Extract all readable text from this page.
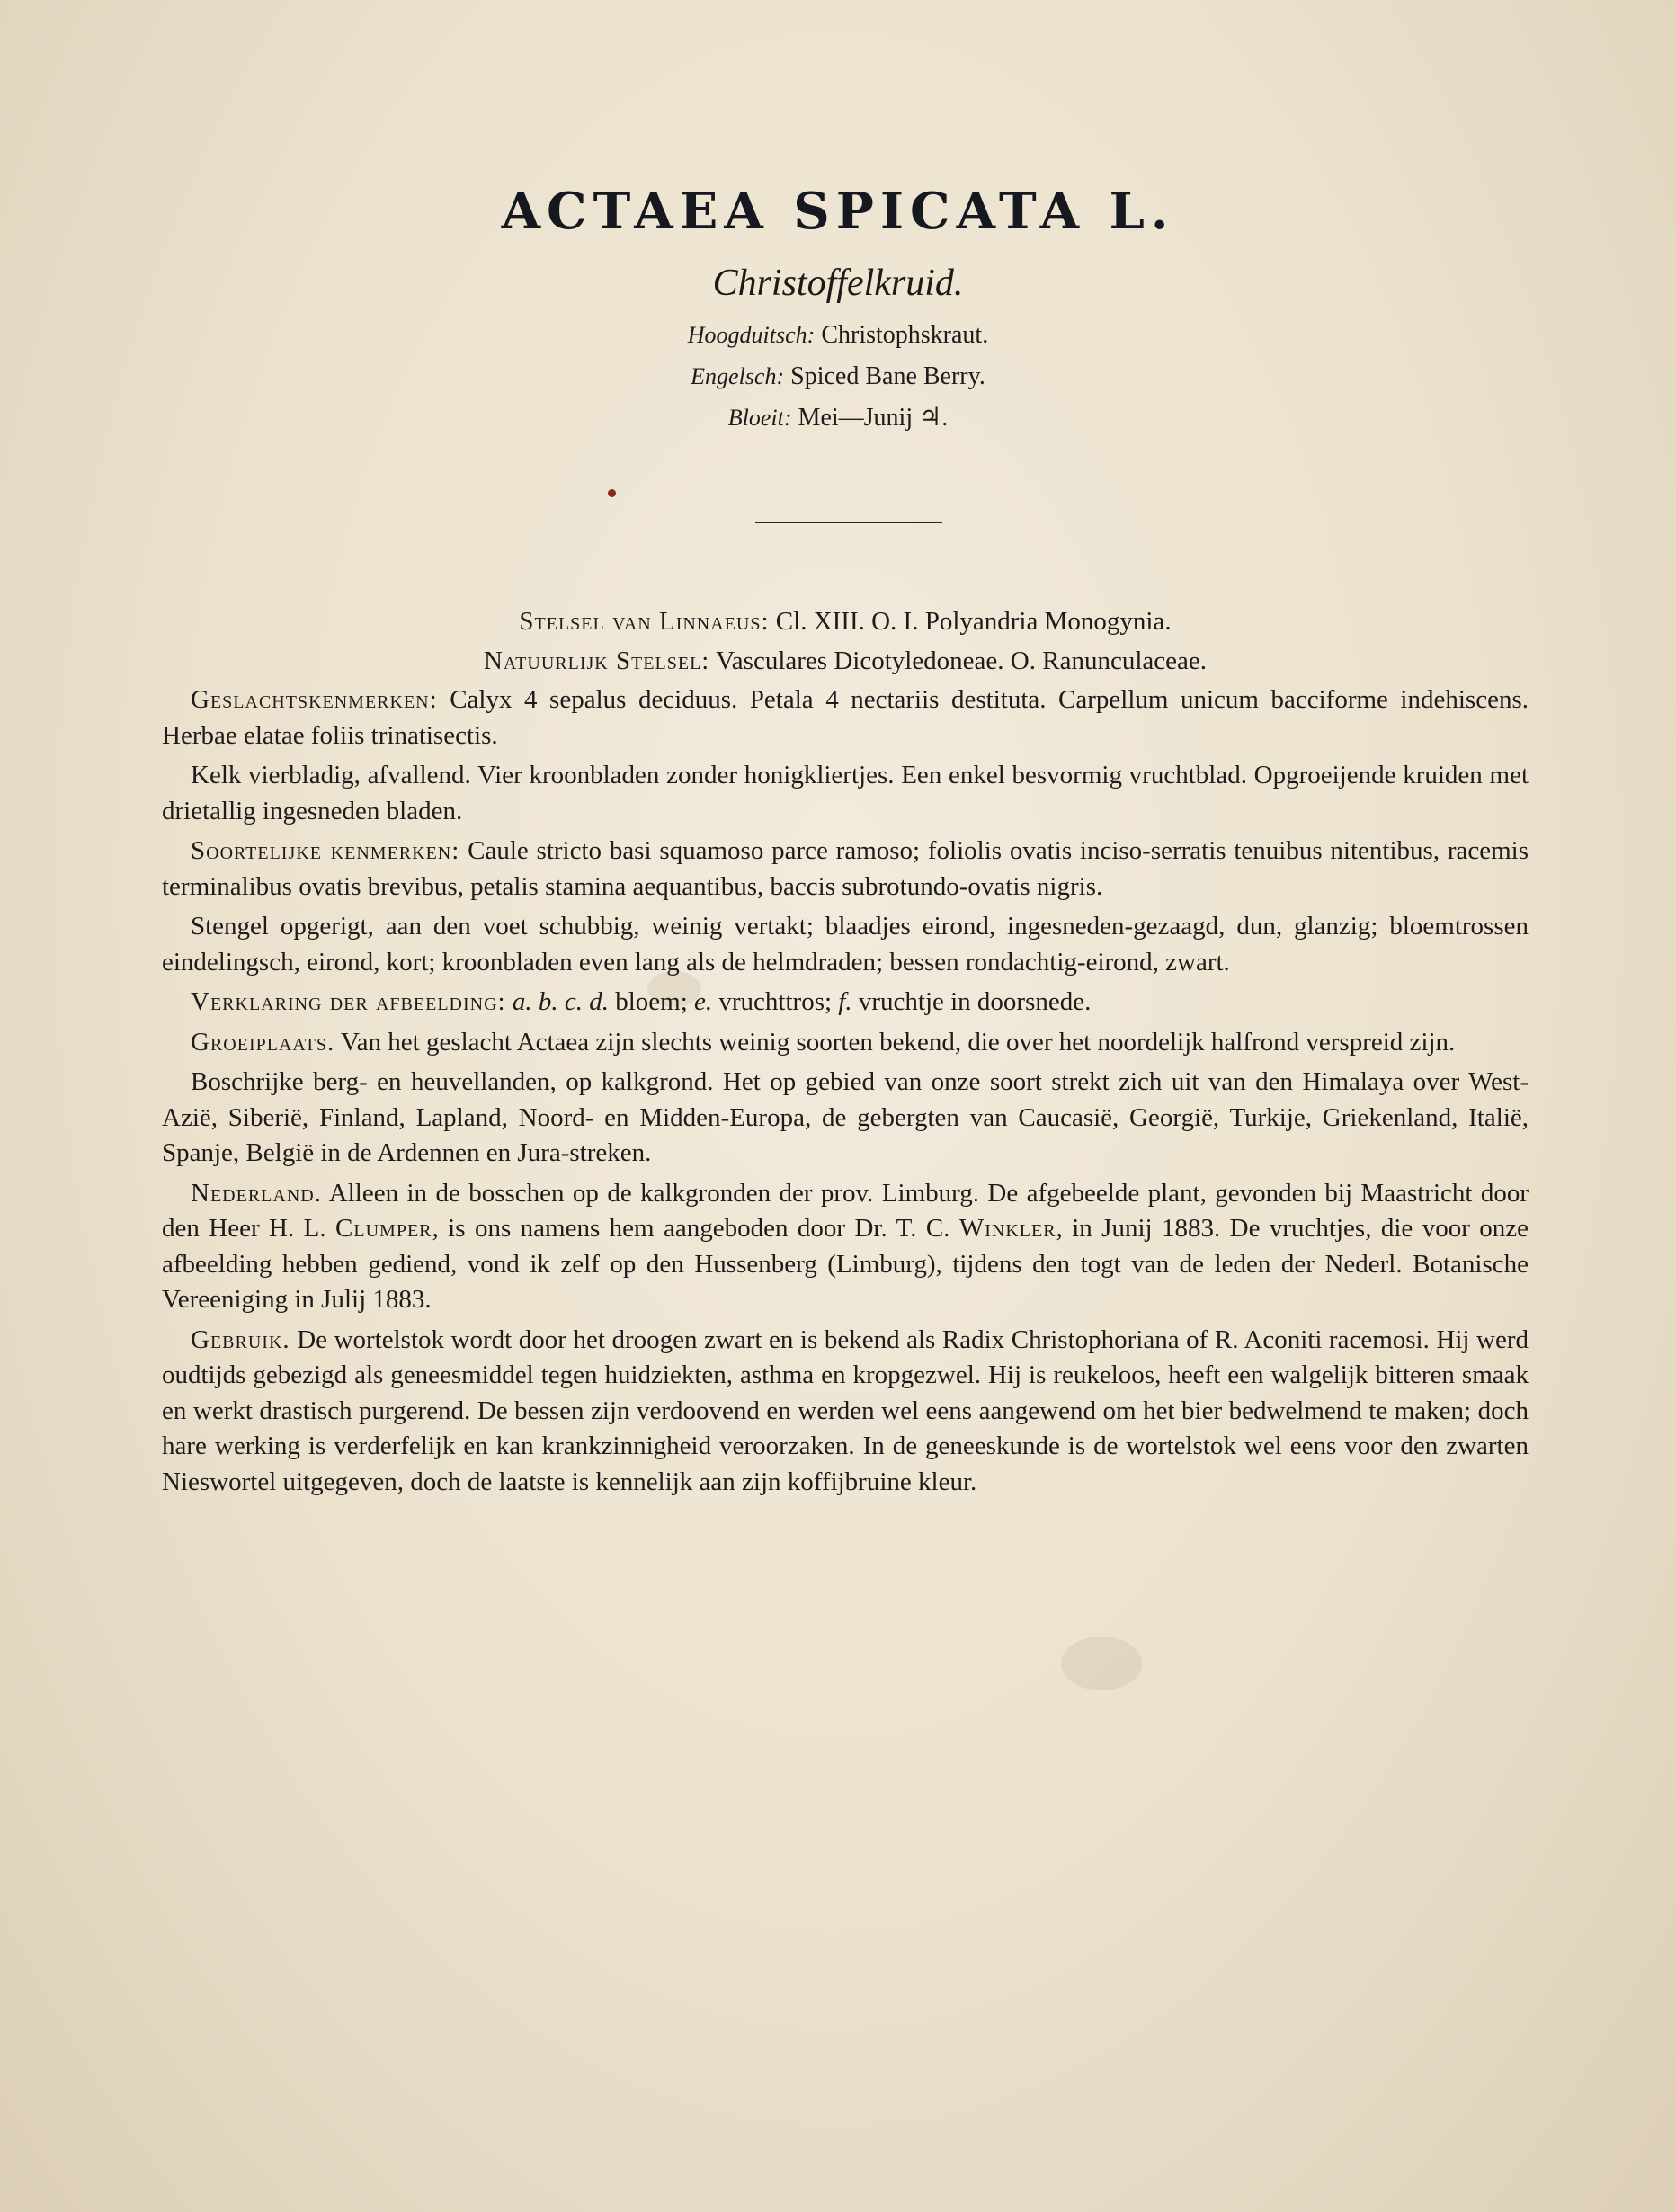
ACTAEA SPICATA L.
Christoffelkruid.
Hoogduitsch: Christophskraut.
Engelsch: Spiced Bane Berry.
Bloeit: Mei—Junij ♃.
Stelsel van Linnaeus: Cl. XIII. O. I. Polyandria Monogynia.
Natuurlijk Stelsel: Vasculares Dicotyledoneae. O. Ranunculaceae.

Geslachtskenmerken: Calyx 4 sepalus deciduus. Petala 4 nectariis destituta. Carpellum unicum bacciforme indehiscens. Herbae elatae foliis trinatisectis.

Kelk vierbladig, afvallend. Vier kroonbladen zonder honigkliertjes. Een enkel besvormig vruchtblad. Opgroeijende kruiden met drietallig ingesneden bladen.

Soortelijke kenmerken: Caule stricto basi squamoso parce ramoso; foliolis ovatis inciso-serratis tenuibus nitentibus, racemis terminalibus ovatis brevibus, petalis stamina aequantibus, baccis subrotundo-ovatis nigris.

Stengel opgerigt, aan den voet schubbig, weinig vertakt; blaadjes eirond, ingesneden-gezaagd, dun, glanzig; bloemtrossen eindelingsch, eirond, kort; kroonbladen even lang als de helmdraden; bessen rondachtig-eirond, zwart.

Verklaring der afbeelding: a. b. c. d. bloem; e. vruchttros; f. vruchtje in doorsnede.

Groeiplaats. Van het geslacht Actaea zijn slechts weinig soorten bekend, die over het noordelijk halfrond verspreid zijn.

Boschrijke berg- en heuvellanden, op kalkgrond. Het op gebied van onze soort strekt zich uit van den Himalaya over West-Azië, Siberië, Finland, Lapland, Noord- en Midden-Europa, de gebergten van Caucasië, Georgië, Turkije, Griekenland, Italië, Spanje, België in de Ardennen en Jura-streken.

Nederland. Alleen in de bosschen op de kalkgronden der prov. Limburg. De afgebeelde plant, gevonden bij Maastricht door den Heer H. L. Clumper, is ons namens hem aangeboden door Dr. T. C. Winkler, in Junij 1883. De vruchtjes, die voor onze afbeelding hebben gediend, vond ik zelf op den Hussenberg (Limburg), tijdens den togt van de leden der Nederl. Botanische Vereeniging in Julij 1883.

Gebruik. De wortelstok wordt door het droogen zwart en is bekend als Radix Christophoriana of R. Aconiti racemosi. Hij werd oudtijds gebezigd als geneesmiddel tegen huidziekten, asthma en kropgezwel. Hij is reukeloos, heeft een walgelijk bitteren smaak en werkt drastisch purgerend. De bessen zijn verdoovend en werden wel eens aangewend om het bier bedwelmend te maken; doch hare werking is verderfelijk en kan krankzinnigheid veroorzaken. In de geneeskunde is de wortelstok wel eens voor den zwarten Nieswortel uitgegeven, doch de laatste is kennelijk aan zijn koffijbruine kleur.
